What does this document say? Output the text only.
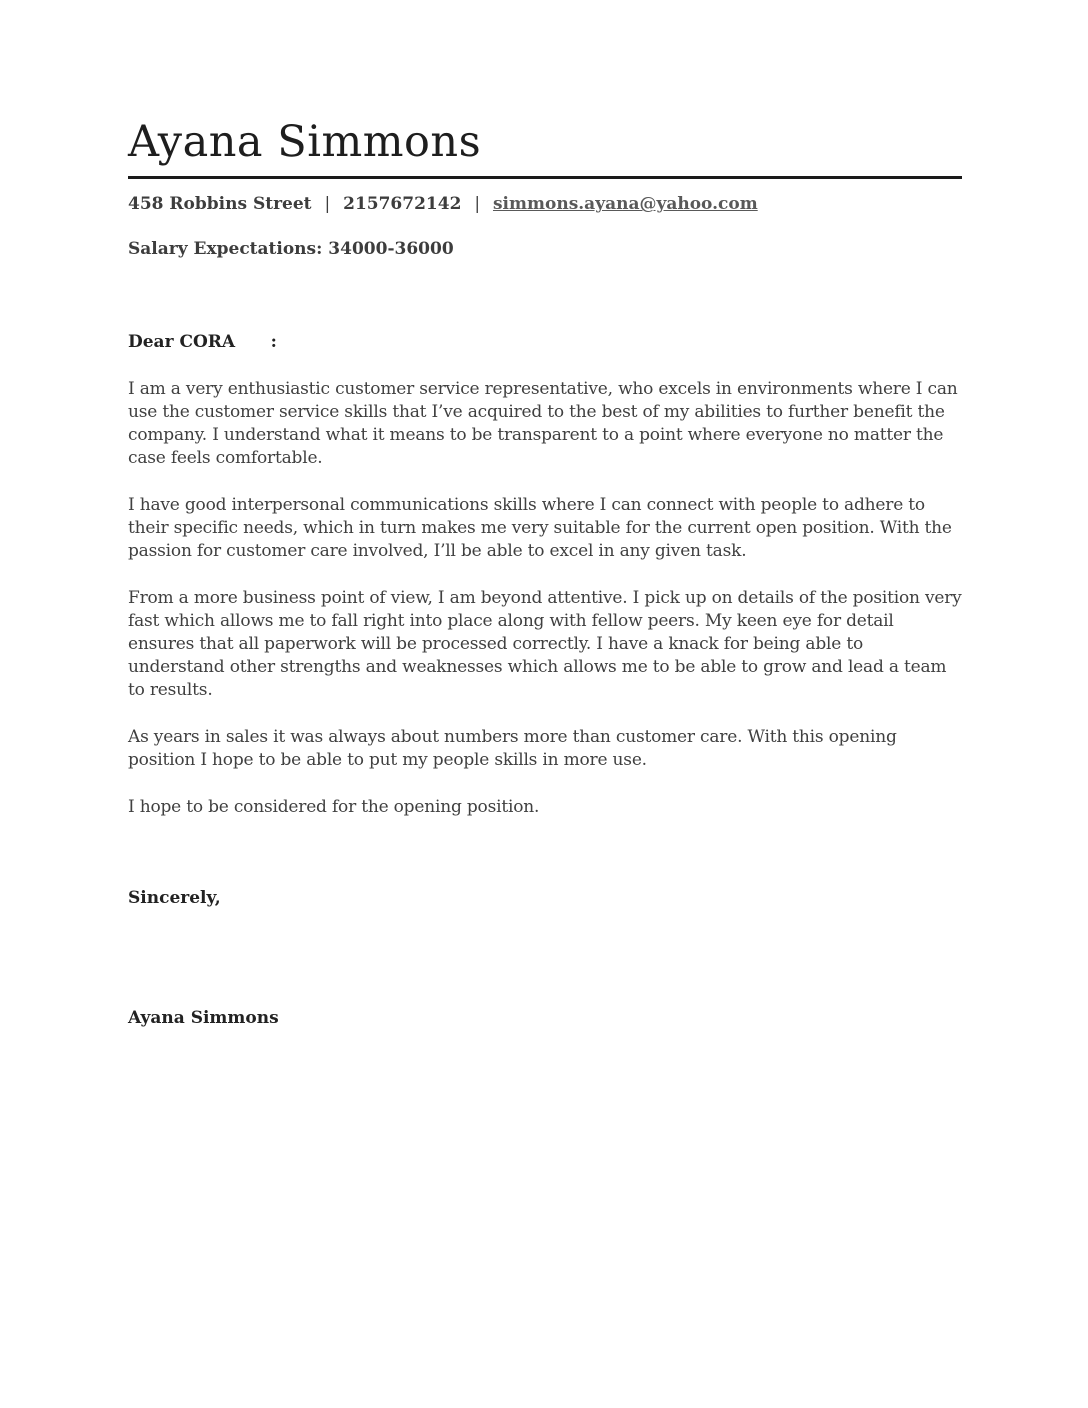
Ayana Simmons

458 Robbins Street | 2157672142 | simmons.ayana@yahoo.com

Salary Expectations: 34000-36000

Dear CORA      :

I am a very enthusiastic customer service representative, who excels in environments where I can use the customer service skills that I’ve acquired to the best of my abilities to further benefit the company. I understand what it means to be transparent to a point where everyone no matter the case feels comfortable.

I have good interpersonal communications skills where I can connect with people to adhere to their specific needs, which in turn makes me very suitable for the current open position. With the passion for customer care involved, I’ll be able to excel in any given task.

From a more business point of view, I am beyond attentive. I pick up on details of the position very fast which allows me to fall right into place along with fellow peers. My keen eye for detail ensures that all paperwork will be processed correctly. I have a knack for being able to understand other strengths and weaknesses which allows me to be able to grow and lead a team to results.

As years in sales it was always about numbers more than customer care. With this opening position I hope to be able to put my people skills in more use.

I hope to be considered for the opening position.

Sincerely,

Ayana Simmons
